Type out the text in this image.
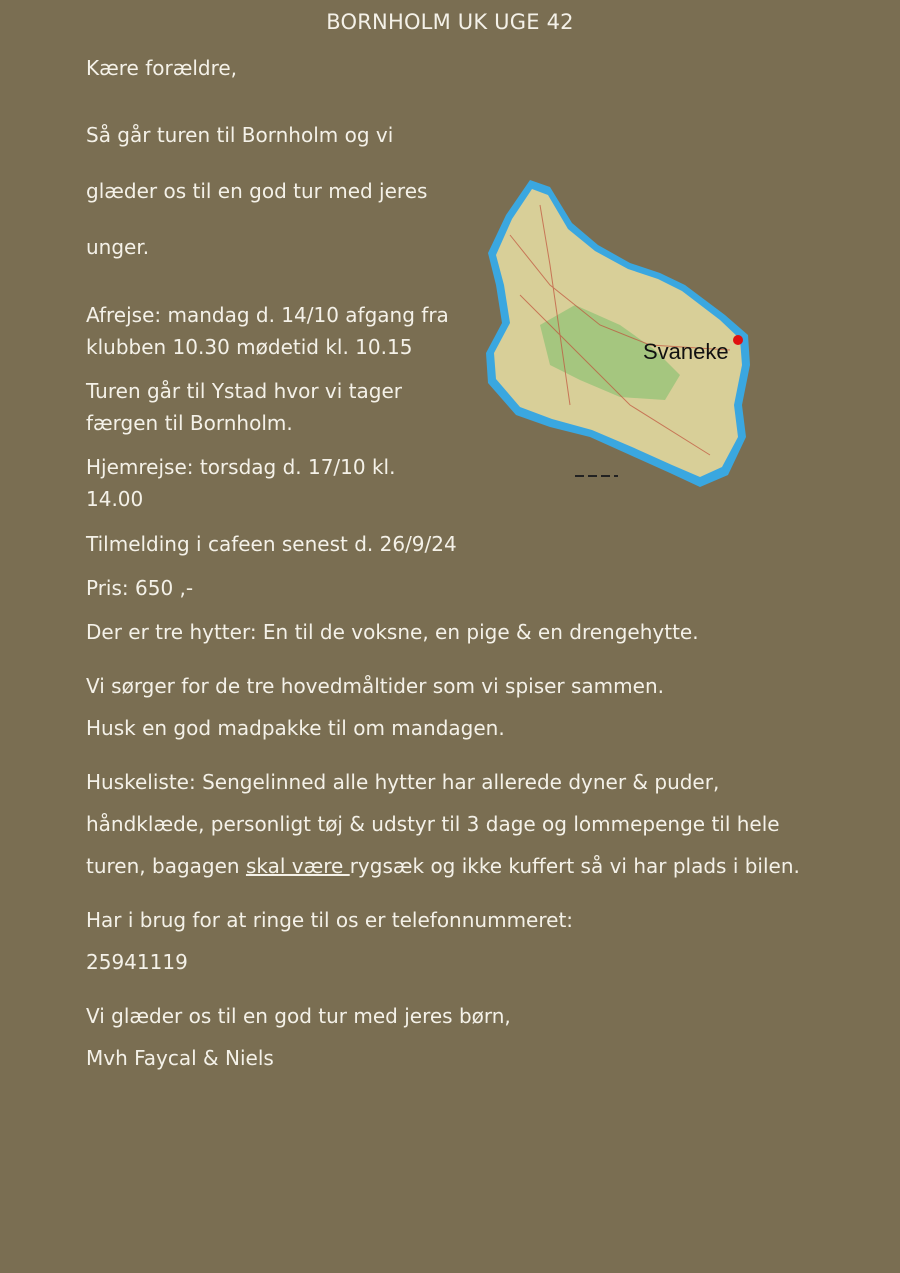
BORNHOLM UK UGE 42
Kære forældre,
Så går turen til Bornholm og vi
glæder os til en god tur med jeres
unger.
Afrejse: mandag d. 14/10 afgang fra
klubben 10.30 mødetid kl. 10.15
Turen går til Ystad hvor vi tager
færgen til Bornholm.
Hjemrejse: torsdag d. 17/10 kl.
14.00
Tilmelding i cafeen senest d. 26/9/24
Pris: 650 ,-
Der er tre hytter: En til de voksne, en pige & en drengehytte.
Vi sørger for de tre hovedmåltider som vi spiser sammen.
Husk en god madpakke til om mandagen.
Huskeliste: Sengelinned alle hytter har allerede dyner & puder, håndklæde, personligt tøj & udstyr til 3 dage og lommepenge til hele turen, bagagen skal være rygsæk og ikke kuffert så vi har plads i bilen.
Har i brug for at ringe til os er telefonnummeret:
25941119
Vi glæder os til en god tur med jeres børn,
Mvh Faycal & Niels
Svaneke
